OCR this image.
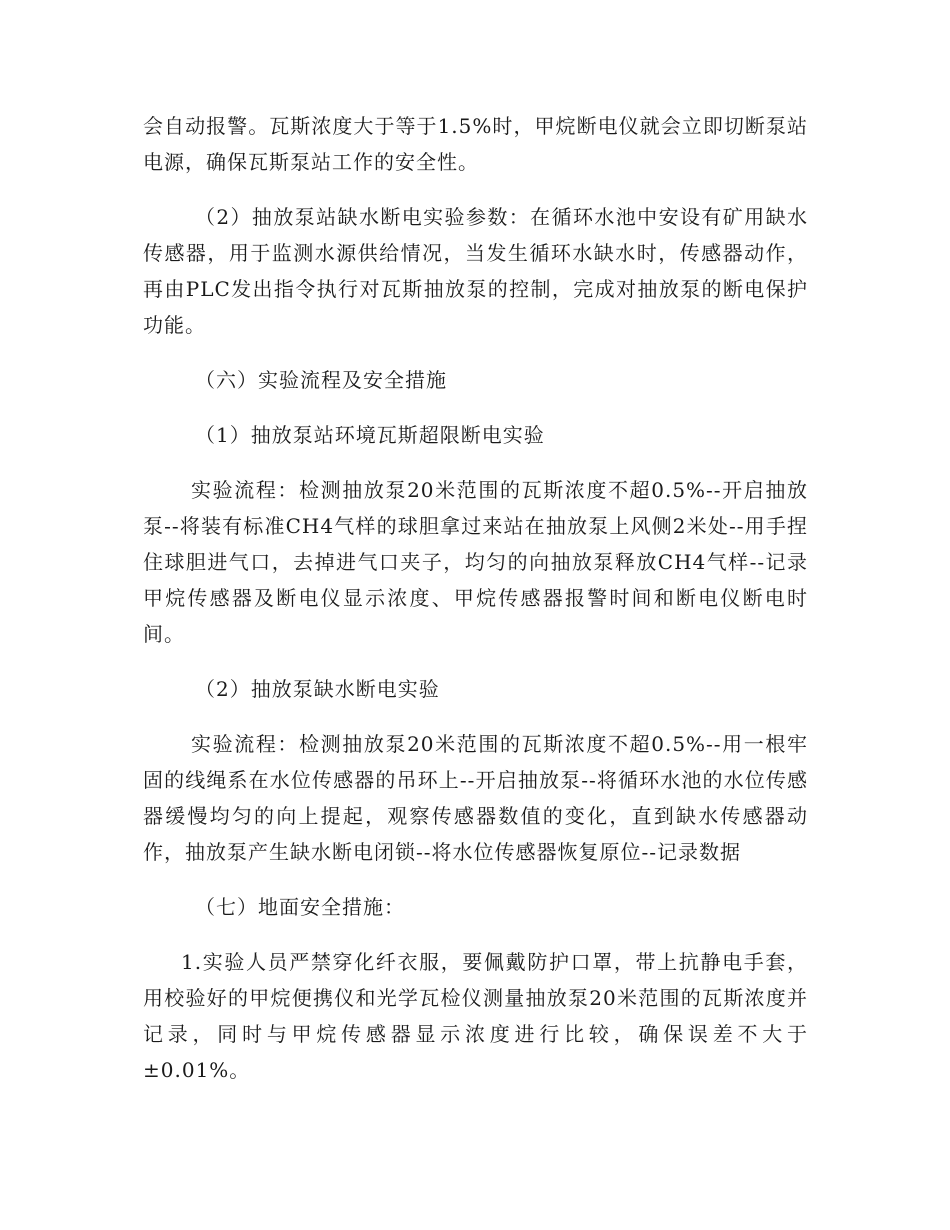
会自动报警。瓦斯浓度大于等于1.5%时，甲烷断电仪就会立即切断泵站电源，确保瓦斯泵站工作的安全性。

（2）抽放泵站缺水断电实验参数：在循环水池中安设有矿用缺水传感器，用于监测水源供给情况，当发生循环水缺水时，传感器动作，再由PLC发出指令执行对瓦斯抽放泵的控制，完成对抽放泵的断电保护功能。

（六）实验流程及安全措施

（1）抽放泵站环境瓦斯超限断电实验

实验流程：检测抽放泵20米范围的瓦斯浓度不超0.5%--开启抽放泵--将装有标准CH4气样的球胆拿过来站在抽放泵上风侧2米处--用手捏住球胆进气口，去掉进气口夹子，均匀的向抽放泵释放CH4气样--记录甲烷传感器及断电仪显示浓度、甲烷传感器报警时间和断电仪断电时间。

（2）抽放泵缺水断电实验

实验流程：检测抽放泵20米范围的瓦斯浓度不超0.5%--用一根牢固的线绳系在水位传感器的吊环上--开启抽放泵--将循环水池的水位传感器缓慢均匀的向上提起，观察传感器数值的变化，直到缺水传感器动作，抽放泵产生缺水断电闭锁--将水位传感器恢复原位--记录数据

（七）地面安全措施：

1.实验人员严禁穿化纤衣服，要佩戴防护口罩，带上抗静电手套，用校验好的甲烷便携仪和光学瓦检仪测量抽放泵20米范围的瓦斯浓度并记录，同时与甲烷传感器显示浓度进行比较，确保误差不大于±0.01%。
